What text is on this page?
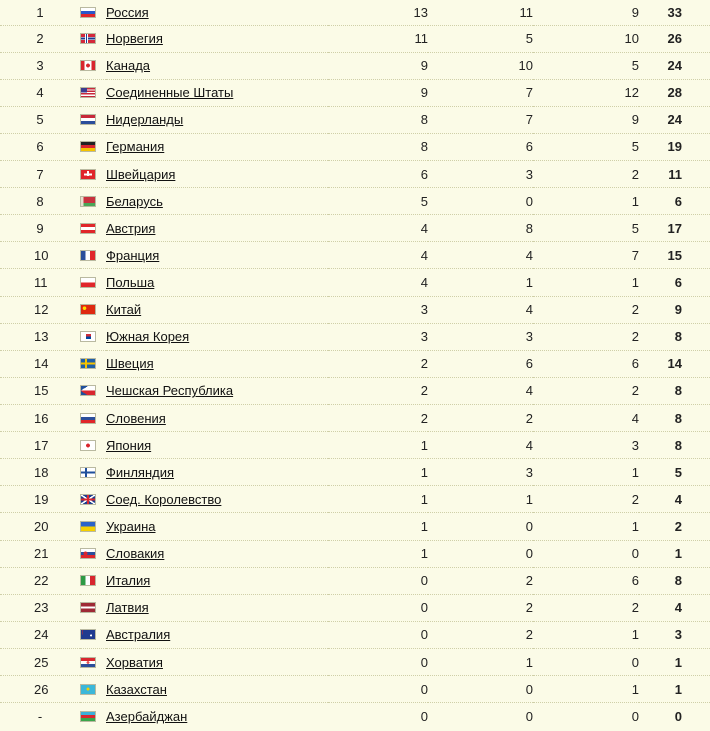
1		Россия	13	11	9	33
2		Норвегия	11	5	10	26
3		Канада	9	10	5	24
4		Соединенные Штаты	9	7	12	28
5		Нидерланды	8	7	9	24
6		Германия	8	6	5	19
7		Швейцария	6	3	2	11
8		Беларусь	5	0	1	6
9		Австрия	4	8	5	17
10		Франция	4	4	7	15
11		Польша	4	1	1	6
12		Китай	3	4	2	9
13		Южная Корея	3	3	2	8
14		Швеция	2	6	6	14
15		Чешская Республика	2	4	2	8
16		Словения	2	2	4	8
17		Япония	1	4	3	8
18		Финляндия	1	3	1	5
19		Соед. Королевство	1	1	2	4
20		Украина	1	0	1	2
21		Словакия	1	0	0	1
22		Италия	0	2	6	8
23		Латвия	0	2	2	4
24		Австралия	0	2	1	3
25		Хорватия	0	1	0	1
26		Казахстан	0	0	1	1
-		Азербайджан	0	0	0	0
